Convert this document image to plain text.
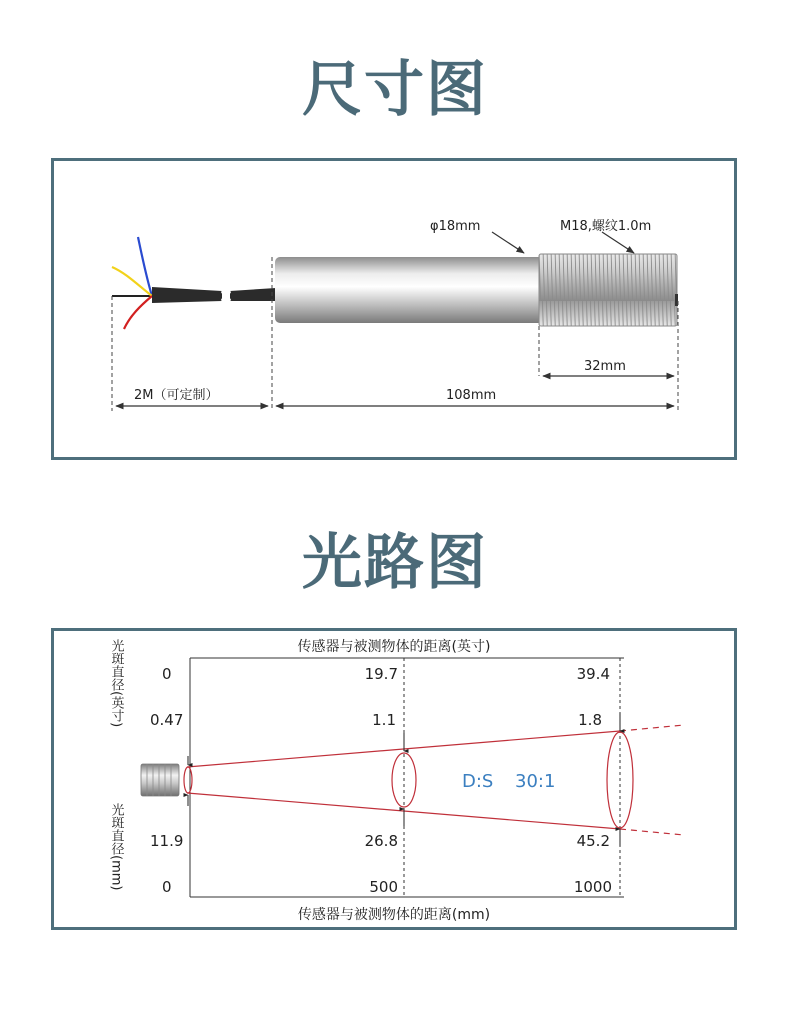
尺寸图
φ18mm	M18,螺纹1.0m
32mm
2M（可定制）	108mm
光路图
传感器与被测物体的距离(英寸)
传感器与被测物体的距离(mm)
光斑直径(英寸)
光斑直径(mm)
0	19.7	39.4
0.47	1.1	1.8
D:S 30:1
11.9	26.8	45.2
0	500	1000
